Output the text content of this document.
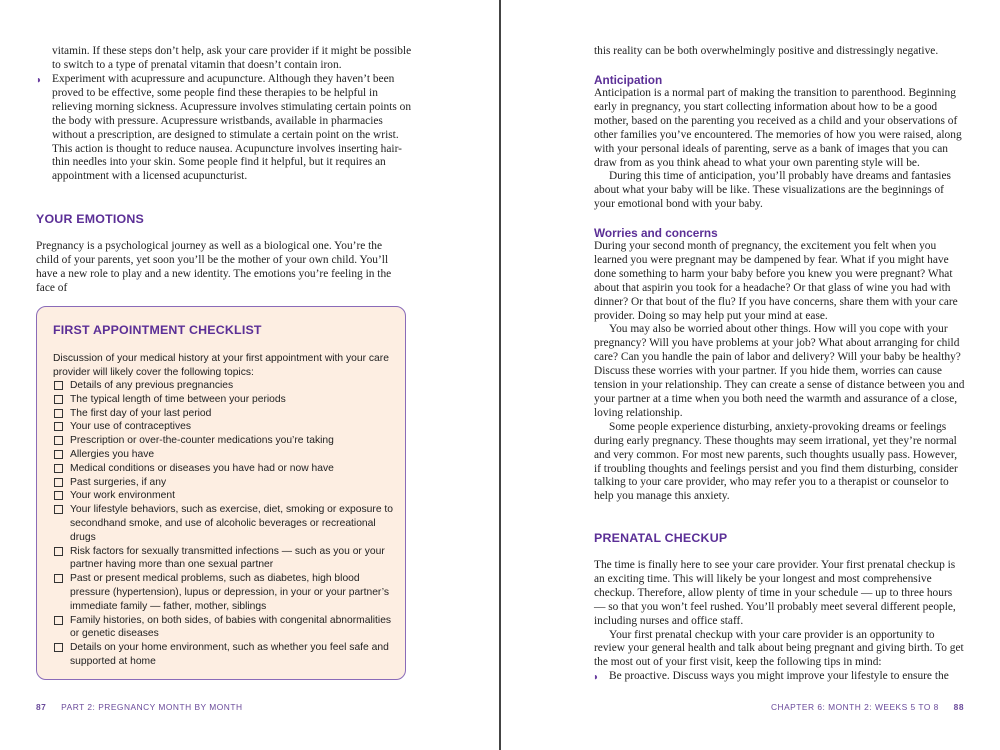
vitamin. If these steps don’t help, ask your care provider if it might be possible to switch to a type of prenatal vitamin that doesn’t contain iron.

◗ Experiment with acupressure and acupuncture. Although they haven’t been proved to be effective, some people find these therapies to be helpful in relieving morning sickness. Acupressure involves stimulating certain points on the body with pressure. Acupressure wristbands, available in pharmacies without a prescription, are designed to stimulate a certain point on the wrist. This action is thought to reduce nausea. Acupuncture involves inserting hair-thin needles into your skin. Some people find it helpful, but it requires an appointment with a licensed acupuncturist.

YOUR EMOTIONS

Pregnancy is a psychological journey as well as a biological one. You’re the child of your parents, yet soon you’ll be the mother of your own child. You’ll have a new role to play and a new identity. The emotions you’re feeling in the face of

FIRST APPOINTMENT CHECKLIST
Discussion of your medical history at your first appointment with your care provider will likely cover the following topics:
Details of any previous pregnancies
The typical length of time between your periods
The first day of your last period
Your use of contraceptives
Prescription or over-the-counter medications you’re taking
Allergies you have
Medical conditions or diseases you have had or now have
Past surgeries, if any
Your work environment
Your lifestyle behaviors, such as exercise, diet, smoking or exposure to secondhand smoke, and use of alcoholic beverages or recreational drugs
Risk factors for sexually transmitted infections — such as you or your partner having more than one sexual partner
Past or present medical problems, such as diabetes, high blood pressure (hypertension), lupus or depression, in your or your partner’s immediate family — father, mother, siblings
Family histories, on both sides, of babies with congenital abnormalities or genetic diseases
Details on your home environment, such as whether you feel safe and supported at home
87 PART 2: PREGNANCY MONTH BY MONTH

this reality can be both overwhelmingly positive and distressingly negative.

Anticipation

Anticipation is a normal part of making the transition to parenthood. Beginning early in pregnancy, you start collecting information about how to be a good mother, based on the parenting you received as a child and your observations of other families you’ve encountered. The memories of how you were raised, along with your personal ideals of parenting, serve as a bank of images that you can draw from as you think ahead to what your own parenting style will be.

During this time of anticipation, you’ll probably have dreams and fantasies about what your baby will be like. These visualizations are the beginnings of your emotional bond with your baby.

Worries and concerns

During your second month of pregnancy, the excitement you felt when you learned you were pregnant may be dampened by fear. What if you might have done something to harm your baby before you knew you were pregnant? What about that aspirin you took for a headache? Or that glass of wine you had with dinner? Or that bout of the flu? If you have concerns, share them with your care provider. Doing so may help put your mind at ease.

You may also be worried about other things. How will you cope with your pregnancy? Will you have problems at your job? What about arranging for child care? Can you handle the pain of labor and delivery? Will your baby be healthy? Discuss these worries with your partner. If you hide them, worries can cause tension in your relationship. They can create a sense of distance between you and your partner at a time when you both need the warmth and assurance of a close, loving relationship.

Some people experience disturbing, anxiety-provoking dreams or feelings during early pregnancy. These thoughts may seem irrational, yet they’re normal and very common. For most new parents, such thoughts usually pass. However, if troubling thoughts and feelings persist and you find them disturbing, consider talking to your care provider, who may refer you to a therapist or counselor to help you manage this anxiety.

PRENATAL CHECKUP

The time is finally here to see your care provider. Your first prenatal checkup is an exciting time. This will likely be your longest and most comprehensive checkup. Therefore, allow plenty of time in your schedule — up to three hours — so that you won’t feel rushed. You’ll probably meet several different people, including nurses and office staff.

Your first prenatal checkup with your care provider is an opportunity to review your general health and talk about being pregnant and giving birth. To get the most out of your first visit, keep the following tips in mind:

◗ Be proactive. Discuss ways you might improve your lifestyle to ensure the

CHAPTER 6: MONTH 2: WEEKS 5 TO 8 88
